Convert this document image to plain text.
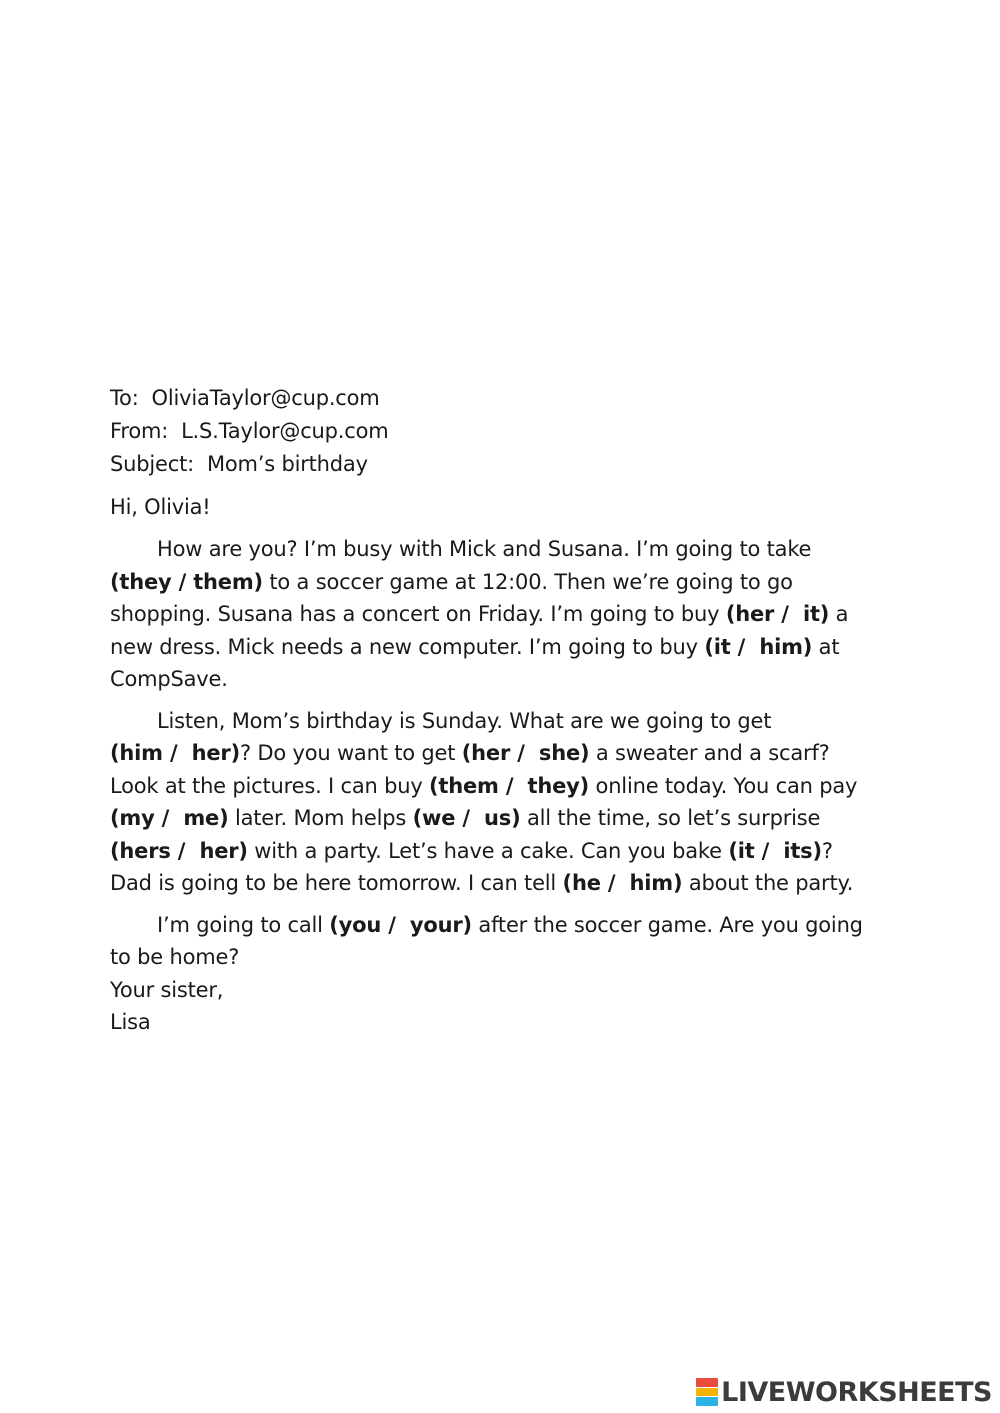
To: OliviaTaylor@cup.com
From: L.S.Taylor@cup.com
Subject: Mom’s birthday
Hi, Olivia!
How are you? I’m busy with Mick and Susana. I’m going to take
(they / them) to a soccer game at 12:00. Then we’re going to go
shopping. Susana has a concert on Friday. I’m going to buy (her /  it) a
new dress. Mick needs a new computer. I’m going to buy (it /  him) at
CompSave.
Listen, Mom’s birthday is Sunday. What are we going to get
(him /  her)? Do you want to get (her /  she) a sweater and a scarf?
Look at the pictures. I can buy (them /  they) online today. You can pay
(my /  me) later. Mom helps (we /  us) all the time, so let’s surprise
(hers /  her) with a party. Let’s have a cake. Can you bake (it /  its)?
Dad is going to be here tomorrow. I can tell (he /  him) about the party.
I’m going to call (you /  your) after the soccer game. Are you going
to be home?
Your sister,
Lisa
LIVEWORKSHEETS
